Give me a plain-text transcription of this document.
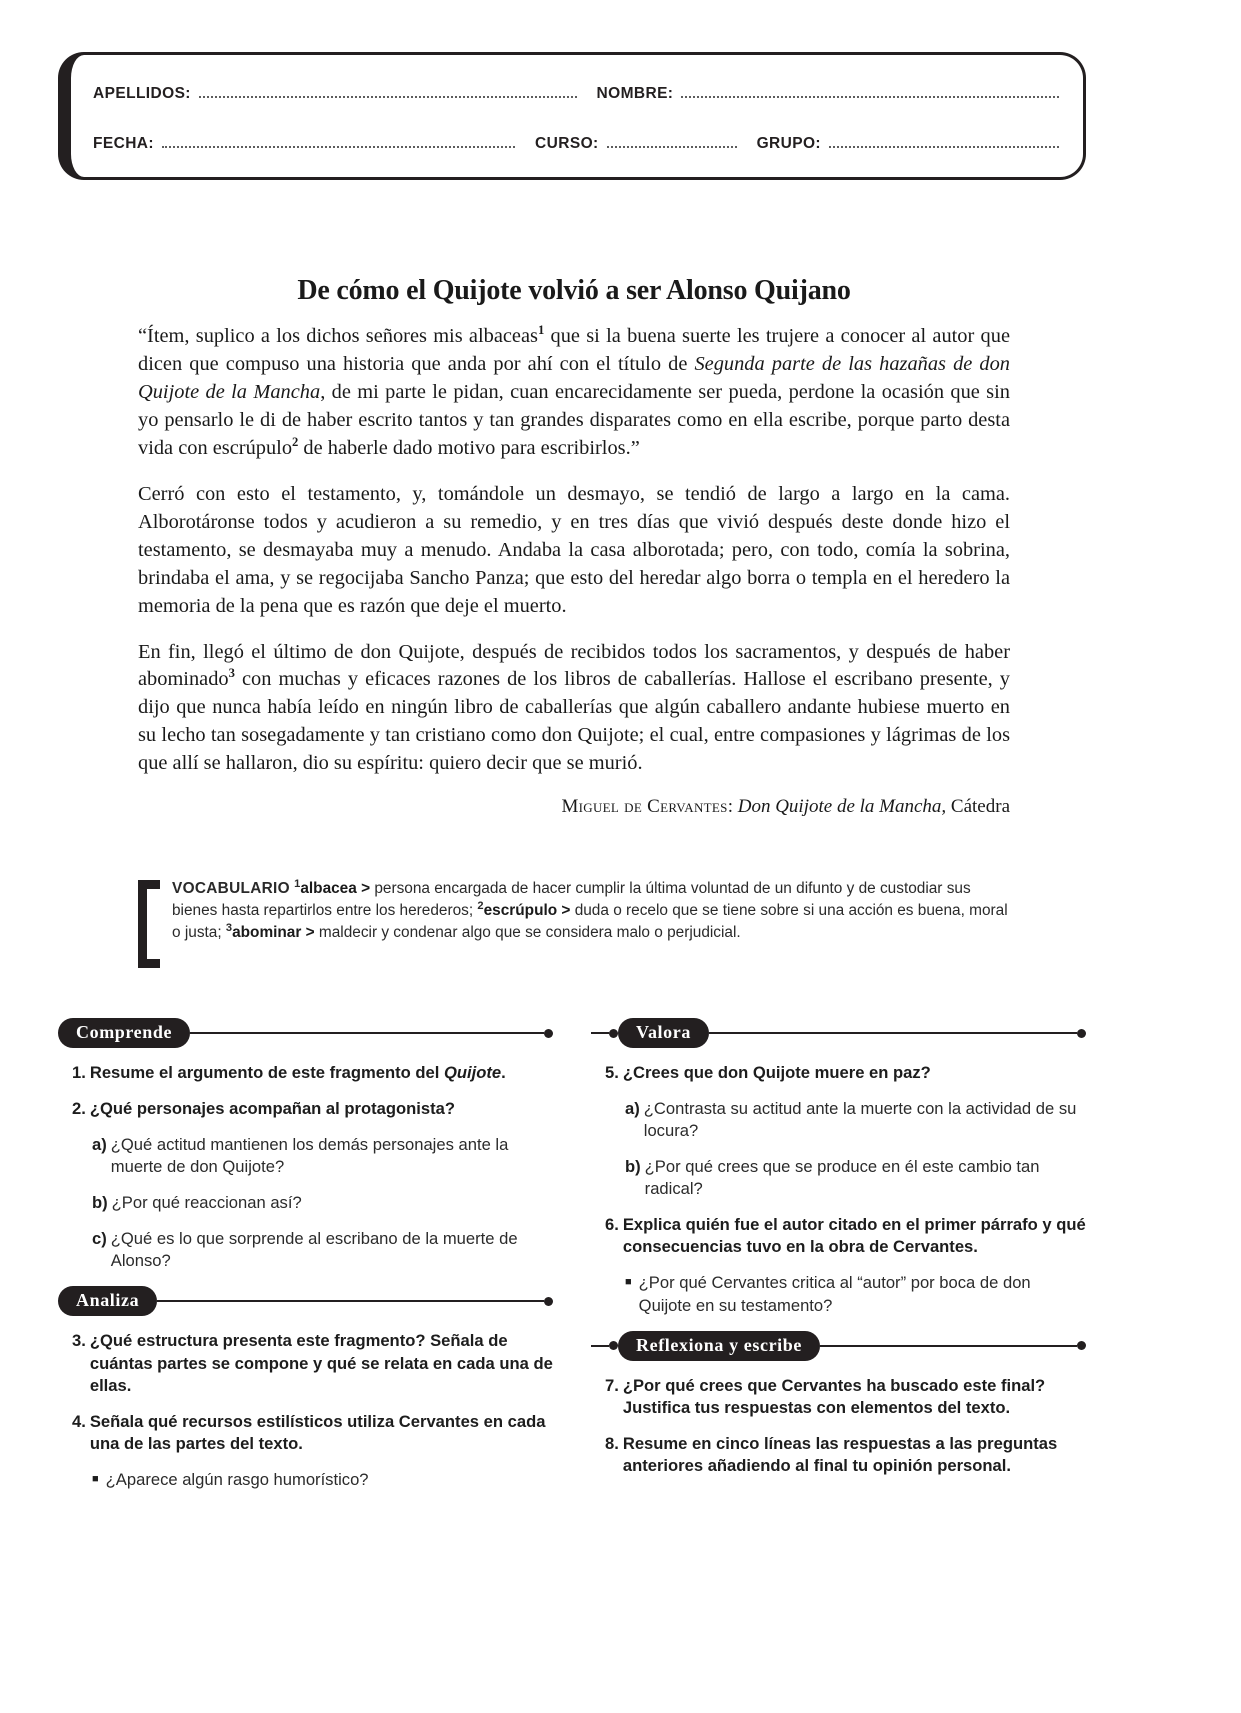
APELLIDOS:	NOMBRE:
FECHA:	CURSO:	GRUPO:
De cómo el Quijote volvió a ser Alonso Quijano

“Ítem, suplico a los dichos señores mis albaceas$^1$ que si la buena suerte les trujere a conocer al autor que dicen que compuso una historia que anda por ahí con el título de Segunda parte de las hazañas de don Quijote de la Mancha, de mi parte le pidan, cuan encarecidamente ser pueda, perdone la ocasión que sin yo pensarlo le di de haber escrito tantos y tan grandes disparates como en ella escribe, porque parto desta vida con escrúpulo$^2$ de haberle dado motivo para escribirlos.”

Cerró con esto el testamento, y, tomándole un desmayo, se tendió de largo a largo en la cama. Alborotáronse todos y acudieron a su remedio, y en tres días que vivió después deste donde hizo el testamento, se desmayaba muy a menudo. Andaba la casa alborotada; pero, con todo, comía la sobrina, brindaba el ama, y se regocijaba Sancho Panza; que esto del heredar algo borra o templa en el heredero la memoria de la pena que es razón que deje el muerto.

En fin, llegó el último de don Quijote, después de recibidos todos los sacramentos, y después de haber abominado$^3$ con muchas y eficaces razones de los libros de caballerías. Hallose el escribano presente, y dijo que nunca había leído en ningún libro de caballerías que algún caballero andante hubiese muerto en su lecho tan sosegadamente y tan cristiano como don Quijote; el cual, entre compasiones y lágrimas de los que allí se hallaron, dio su espíritu: quiero decir que se murió.

Miguel de Cervantes: Don Quijote de la Mancha, Cátedra

VOCABULARIO $^1$albacea > persona encargada de hacer cumplir la última voluntad de un difunto y de custodiar sus bienes hasta repartirlos entre los herederos; $^2$escrúpulo > duda o recelo que se tiene sobre si una acción es buena, moral o justa; $^3$abominar > maldecir y condenar algo que se considera malo o perjudicial.
Comprende
1. Resume el argumento de este fragmento del Quijote.
2. ¿Qué personajes acompañan al protagonista?
a) ¿Qué actitud mantienen los demás personajes ante la muerte de don Quijote?
b) ¿Por qué reaccionan así?
c) ¿Qué es lo que sorprende al escribano de la muerte de Alonso?
Analiza
3. ¿Qué estructura presenta este fragmento? Señala de cuántas partes se compone y qué se relata en cada una de ellas.
4. Señala qué recursos estilísticos utiliza Cervantes en cada una de las partes del texto.
■ ¿Aparece algún rasgo humorístico?
Valora
5. ¿Crees que don Quijote muere en paz?
a) ¿Contrasta su actitud ante la muerte con la actividad de su locura?
b) ¿Por qué crees que se produce en él este cambio tan radical?
6. Explica quién fue el autor citado en el primer párrafo y qué consecuencias tuvo en la obra de Cervantes.
■ ¿Por qué Cervantes critica al “autor” por boca de don Quijote en su testamento?
Reflexiona y escribe
7. ¿Por qué crees que Cervantes ha buscado este final? Justifica tus respuestas con elementos del texto.
8. Resume en cinco líneas las respuestas a las preguntas anteriores añadiendo al final tu opinión personal.
